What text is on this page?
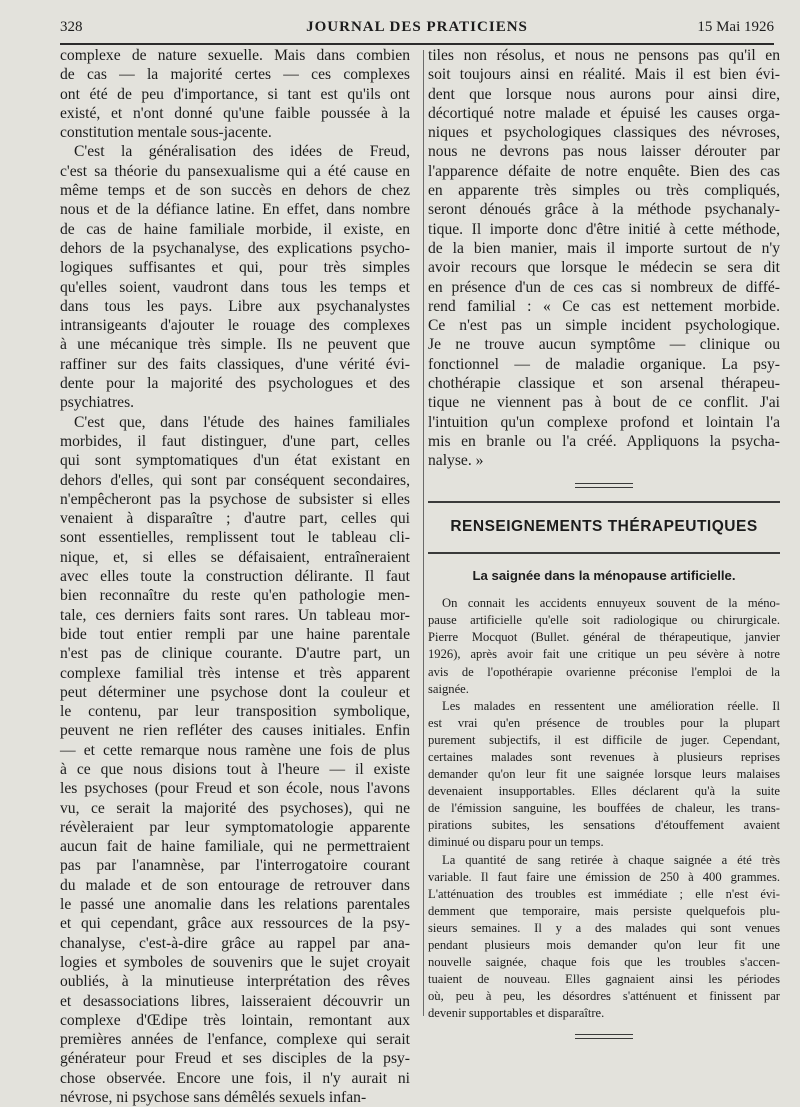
328	JOURNAL DES PRATICIENS	15 Mai 1926
complexe de nature sexuelle. Mais dans combien
de cas — la majorité certes — ces complexes
ont été de peu d'importance, si tant est qu'ils ont
existé, et n'ont donné qu'une faible poussée à la
constitution mentale sous-jacente.
C'est la généralisation des idées de Freud,
c'est sa théorie du pansexualisme qui a été cause en
même temps et de son succès en dehors de chez
nous et de la défiance latine. En effet, dans nombre
de cas de haine familiale morbide, il existe, en
dehors de la psychanalyse, des explications psycho-
logiques suffisantes et qui, pour très simples
qu'elles soient, vaudront dans tous les temps et
dans tous les pays. Libre aux psychanalystes
intransigeants d'ajouter le rouage des complexes
à une mécanique très simple. Ils ne peuvent que
raffiner sur des faits classiques, d'une vérité évi-
dente pour la majorité des psychologues et des
psychiatres.
C'est que, dans l'étude des haines familiales
morbides, il faut distinguer, d'une part, celles
qui sont symptomatiques d'un état existant en
dehors d'elles, qui sont par conséquent secondaires,
n'empêcheront pas la psychose de subsister si elles
venaient à disparaître ; d'autre part, celles qui
sont essentielles, remplissent tout le tableau cli-
nique, et, si elles se défaisaient, entraîneraient
avec elles toute la construction délirante. Il faut
bien reconnaître du reste qu'en pathologie men-
tale, ces derniers faits sont rares. Un tableau mor-
bide tout entier rempli par une haine parentale
n'est pas de clinique courante. D'autre part, un
complexe familial très intense et très apparent
peut déterminer une psychose dont la couleur et
le contenu, par leur transposition symbolique,
peuvent ne rien refléter des causes initiales. Enfin
— et cette remarque nous ramène une fois de plus
à ce que nous disions tout à l'heure — il existe
les psychoses (pour Freud et son école, nous l'avons
vu, ce serait la majorité des psychoses), qui ne
révèleraient par leur symptomatologie apparente
aucun fait de haine familiale, qui ne permettraient
pas par l'anamnèse, par l'interrogatoire courant
du malade et de son entourage de retrouver dans
le passé une anomalie dans les relations parentales
et qui cependant, grâce aux ressources de la psy-
chanalyse, c'est-à-dire grâce au rappel par ana-
logies et symboles de souvenirs que le sujet croyait
oubliés, à la minutieuse interprétation des rêves
et desassociations libres, laisseraient découvrir un
complexe d'Œdipe très lointain, remontant aux
premières années de l'enfance, complexe qui serait
générateur pour Freud et ses disciples de la psy-
chose observée. Encore une fois, il n'y aurait ni
névrose, ni psychose sans démêlés sexuels infan-
tiles non résolus, et nous ne pensons pas qu'il en
soit toujours ainsi en réalité. Mais il est bien évi-
dent que lorsque nous aurons pour ainsi dire,
décortiqué notre malade et épuisé les causes orga-
niques et psychologiques classiques des névroses,
nous ne devrons pas nous laisser dérouter par
l'apparence défaite de notre enquête. Bien des cas
en apparente très simples ou très compliqués,
seront dénoués grâce à la méthode psychanaly-
tique. Il importe donc d'être initié à cette méthode,
de la bien manier, mais il importe surtout de n'y
avoir recours que lorsque le médecin se sera dit
en présence d'un de ces cas si nombreux de diffé-
rend familial : « Ce cas est nettement morbide.
Ce n'est pas un simple incident psychologique.
Je ne trouve aucun symptôme — clinique ou
fonctionnel — de maladie organique. La psy-
chothérapie classique et son arsenal thérapeu-
tique ne viennent pas à bout de ce conflit. J'ai
l'intuition qu'un complexe profond et lointain l'a
mis en branle ou l'a créé. Appliquons la psycha-
nalyse. »
RENSEIGNEMENTS THÉRAPEUTIQUES
La saignée dans la ménopause artificielle.
On connait les accidents ennuyeux souvent de la méno-
pause artificielle qu'elle soit radiologique ou chirurgicale.
Pierre Mocquot (Bullet. général de thérapeutique, janvier
1926), après avoir fait une critique un peu sévère à notre
avis de l'opothérapie ovarienne préconise l'emploi de la
saignée.
Les malades en ressentent une amélioration réelle. Il
est vrai qu'en présence de troubles pour la plupart
purement subjectifs, il est difficile de juger. Cependant,
certaines malades sont revenues à plusieurs reprises
demander qu'on leur fit une saignée lorsque leurs malaises
devenaient insupportables. Elles déclarent qu'à la suite
de l'émission sanguine, les bouffées de chaleur, les trans-
pirations subites, les sensations d'étouffement avaient
diminué ou disparu pour un temps.
La quantité de sang retirée à chaque saignée a été très
variable. Il faut faire une émission de 250 à 400 grammes.
L'atténuation des troubles est immédiate ; elle n'est évi-
demment que temporaire, mais persiste quelquefois plu-
sieurs semaines. Il y a des malades qui sont venues
pendant plusieurs mois demander qu'on leur fit une
nouvelle saignée, chaque fois que les troubles s'accen-
tuaient de nouveau. Elles gagnaient ainsi les périodes
où, peu à peu, les désordres s'atténuent et finissent par
devenir supportables et disparaître.
